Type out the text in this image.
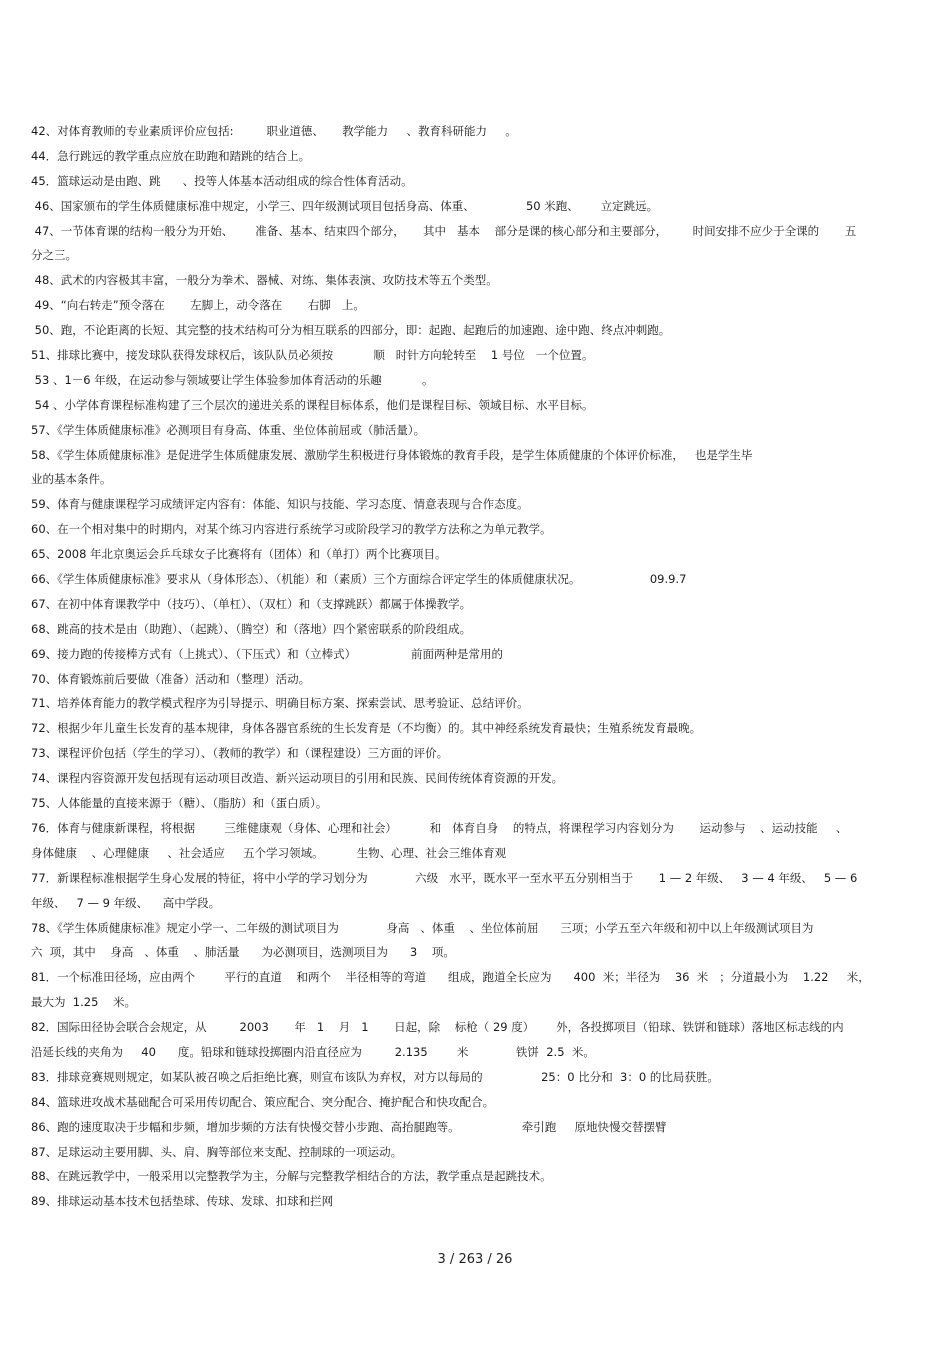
42、对体育教师的专业素质评价应包括:         职业道德、     教学能力     、教育科研能力     。
44．急行跳远的教学重点应放在助跑和踏跳的结合上。
45．篮球运动是由跑、跳      、投等人体基本活动组成的综合性体育活动。
46、国家颁布的学生体质健康标准中规定，小学三、四年级测试项目包括身高、体重、              50 米跑、      立定跳远。
47、一节体育课的结构一般分为开始、      准备、基本、结束四个部分，     其中   基本    部分是课的核心部分和主要部分，       时间安排不应少于全课的       五
分之三。
48、武术的内容极其丰富，一般分为拳术、器械、对练、集体表演、攻防技术等五个类型。
49、“向右转走”预令落在       左脚上，动令落在       右脚   上。
50、跑，不论距离的长短、其完整的技术结构可分为相互联系的四部分，即：起跑、起跑后的加速跑、途中跑、终点冲刺跑。
51、排球比赛中，接发球队获得发球权后，该队队员必须按           顺   时针方向轮转至    1 号位   一个位置。
53 、1－6 年级，在运动参与领域要让学生体验参加体育活动的乐趣           。
54 、小学体育课程标准构建了三个层次的递进关系的课程目标体系，他们是课程目标、领域目标、水平目标。
57、《学生体质健康标准》必测项目有身高、体重、坐位体前屈或（肺活量）。
58、《学生体质健康标准》是促进学生体质健康发展、激励学生积极进行身体锻炼的教育手段，是学生体质健康的个体评价标准，   也是学生毕
业的基本条件。
59、体育与健康课程学习成绩评定内容有：体能、知识与技能、学习态度、情意表现与合作态度。
60、在一个相对集中的时期内，对某个练习内容进行系统学习或阶段学习的教学方法称之为单元教学。
65、2008 年北京奥运会乒乓球女子比赛将有（团体）和（单打）两个比赛项目。
66、《学生体质健康标准》要求从（身体形态）、（机能）和（素质）三个方面综合评定学生的体质健康状况。                   09.9.7
67、在初中体育课教学中（技巧）、（单杠）、（双杠）和（支撑跳跃）都属于体操教学。
68、跳高的技术是由（助跑）、（起跳）、（腾空）和（落地）四个紧密联系的阶段组成。
69、接力跑的传接棒方式有（上挑式）、（下压式）和（立棒式）               前面两种是常用的
70、体育锻炼前后要做（准备）活动和（整理）活动。
71、培养体育能力的教学模式程序为引导提示、明确目标方案、探索尝试、思考验证、总结评价。
72、根据少年儿童生长发育的基本规律，身体各器官系统的生长发育是（不均衡）的。其中神经系统发育最快；生殖系统发育最晚。
73、课程评价包括（学生的学习）、（教师的教学）和（课程建设）三方面的评价。
74、课程内容资源开发包括现有运动项目改造、新兴运动项目的引用和民族、民间传统体育资源的开发。
75、人体能量的直接来源于（糖）、（脂肪）和（蛋白质）。
76．体育与健康新课程，将根据        三维健康观（身体、心理和社会）         和   体育自身    的特点，将课程学习内容划分为       运动参与    、运动技能     、
身体健康    、心理健康     、社会适应     五个学习领域。         生物、心理、社会三维体育观
77．新课程标准根据学生身心发展的特征，将中小学的学习划分为             六级   水平，既水平一至水平五分别相当于       1 — 2 年级、   3 — 4 年级、   5 — 6
年级、   7 — 9 年级、    高中学段。
78、《学生体质健康标准》规定小学一、二年级的测试项目为             身高   、体重    、坐位体前屈      三项；小学五至六年级和初中以上年级测试项目为
六  项，其中    身高   、体重    、肺活量      为必测项目，选测项目为      3    项。
81．一个标准田径场，应由两个        平行的直道    和两个    半径相等的弯道      组成，跑道全长应为      400  米；半径为    36  米   ；分道最小为    1.22     米，
最大为  1.25    米。
82．国际田径协会联合会规定，从         2003       年   1    月   1       日起，除    标枪（ 29 度）      外，各投掷项目（铅球、铁饼和链球）落地区标志线的内
沿延长线的夹角为     40      度。铅球和链球投掷圈内沿直径应为         2.135        米             铁饼  2.5  米。
83．排球竞赛规则规定，如某队被召唤之后拒绝比赛，则宣布该队为弃权，对方以每局的                25：0 比分和  3：0 的比局获胜。
84、篮球进攻战术基础配合可采用传切配合、策应配合、突分配合、掩护配合和快攻配合。
86、跑的速度取决于步幅和步频，增加步频的方法有快慢交替小步跑、高抬腿跑等。                 牵引跑     原地快慢交替摆臂
87、足球运动主要用脚、头、肩、胸等部位来支配、控制球的一项运动。
88、在跳远教学中，一般采用以完整教学为主，分解与完整教学相结合的方法，教学重点是起跳技术。
89、排球运动基本技术包括垫球、传球、发球、扣球和拦网
3 / 263 / 26
